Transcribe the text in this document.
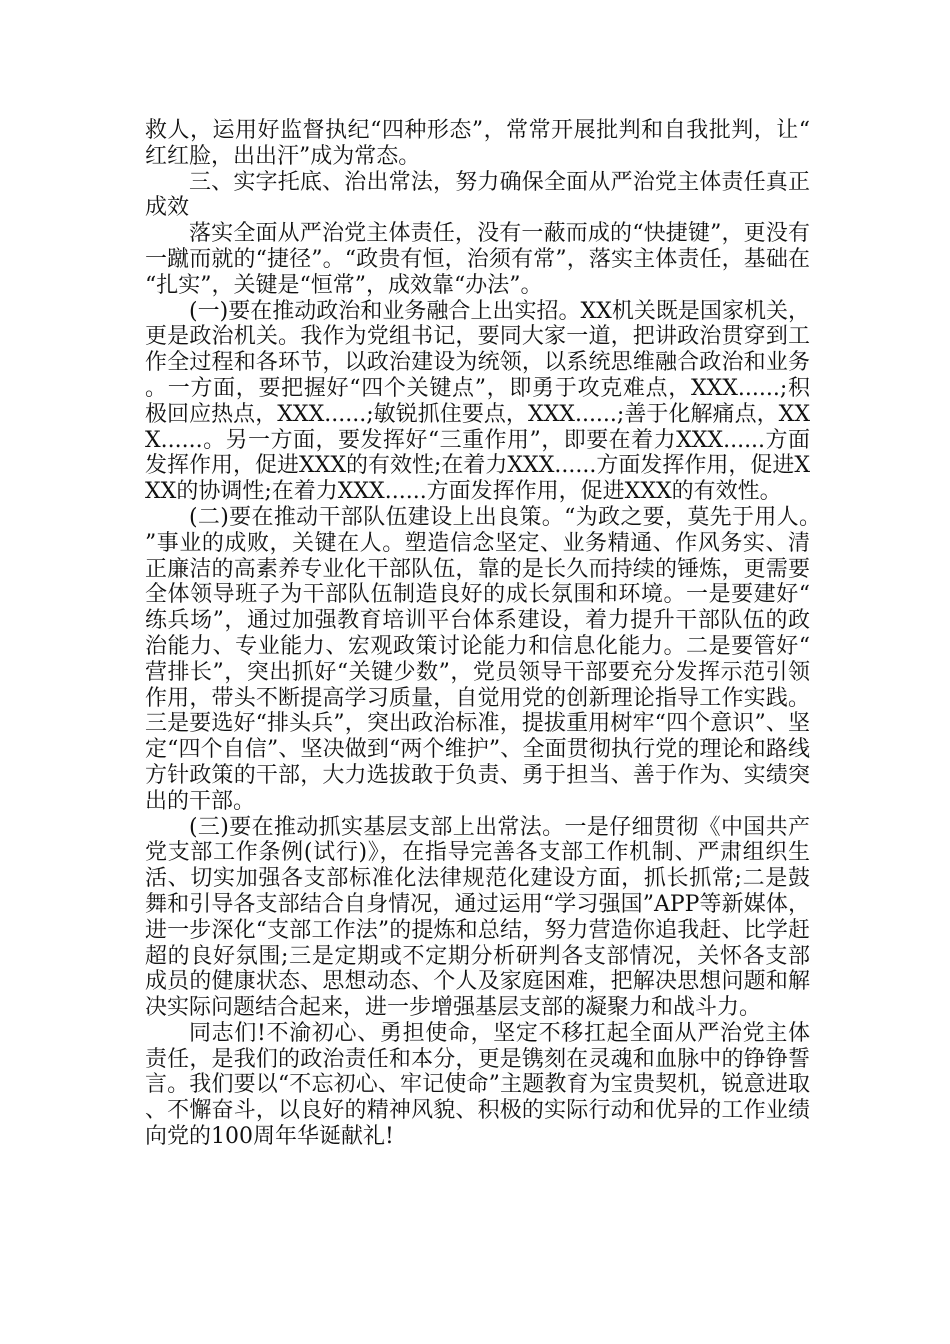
救人，运用好监督执纪“四种形态”，常常开展批判和自我批判，让“红红脸，出出汗”成为常态。

三、实字托底、治出常法，努力确保全面从严治党主体责任真正成效

落实全面从严治党主体责任，没有一蔽而成的“快捷键”，更没有一蹴而就的“捷径”。“政贵有恒，治须有常”，落实主体责任，基础在“扎实”，关键是“恒常”，成效靠“办法”。

(一)要在推动政治和业务融合上出实招。XX机关既是国家机关，更是政治机关。我作为党组书记，要同大家一道，把讲政治贯穿到工作全过程和各环节，以政治建设为统领，以系统思维融合政治和业务。一方面，要把握好“四个关键点”，即勇于攻克难点，XXX......;积极回应热点，XXX......;敏锐抓住要点，XXX......;善于化解痛点，XXX......。另一方面，要发挥好“三重作用”，即要在着力XXX......方面发挥作用，促进XXX的有效性;在着力XXX......方面发挥作用，促进XXX的协调性;在着力XXX......方面发挥作用，促进XXX的有效性。

(二)要在推动干部队伍建设上出良策。“为政之要，莫先于用人。”事业的成败，关键在人。塑造信念坚定、业务精通、作风务实、清正廉洁的高素养专业化干部队伍，靠的是长久而持续的锤炼，更需要全体领导班子为干部队伍制造良好的成长氛围和环境。一是要建好“练兵场”，通过加强教育培训平台体系建设，着力提升干部队伍的政治能力、专业能力、宏观政策讨论能力和信息化能力。二是要管好“营排长”，突出抓好“关键少数”，党员领导干部要充分发挥示范引领作用，带头不断提高学习质量，自觉用党的创新理论指导工作实践。三是要选好“排头兵”，突出政治标准，提拔重用树牢“四个意识”、坚定“四个自信”、坚决做到“两个维护”、全面贯彻执行党的理论和路线方针政策的干部，大力选拔敢于负责、勇于担当、善于作为、实绩突出的干部。

(三)要在推动抓实基层支部上出常法。一是仔细贯彻《中国共产党支部工作条例(试行)》，在指导完善各支部工作机制、严肃组织生活、切实加强各支部标准化法律规范化建设方面，抓长抓常;二是鼓舞和引导各支部结合自身情况，通过运用“学习强国”APP等新媒体，进一步深化“支部工作法”的提炼和总结，努力营造你追我赶、比学赶超的良好氛围;三是定期或不定期分析研判各支部情况，关怀各支部成员的健康状态、思想动态、个人及家庭困难，把解决思想问题和解决实际问题结合起来，进一步增强基层支部的凝聚力和战斗力。

同志们!不渝初心、勇担使命，坚定不移扛起全面从严治党主体责任，是我们的政治责任和本分，更是镌刻在灵魂和血脉中的铮铮誓言。我们要以“不忘初心、牢记使命”主题教育为宝贵契机，锐意进取、不懈奋斗，以良好的精神风貌、积极的实际行动和优异的工作业绩向党的100周年华诞献礼!
